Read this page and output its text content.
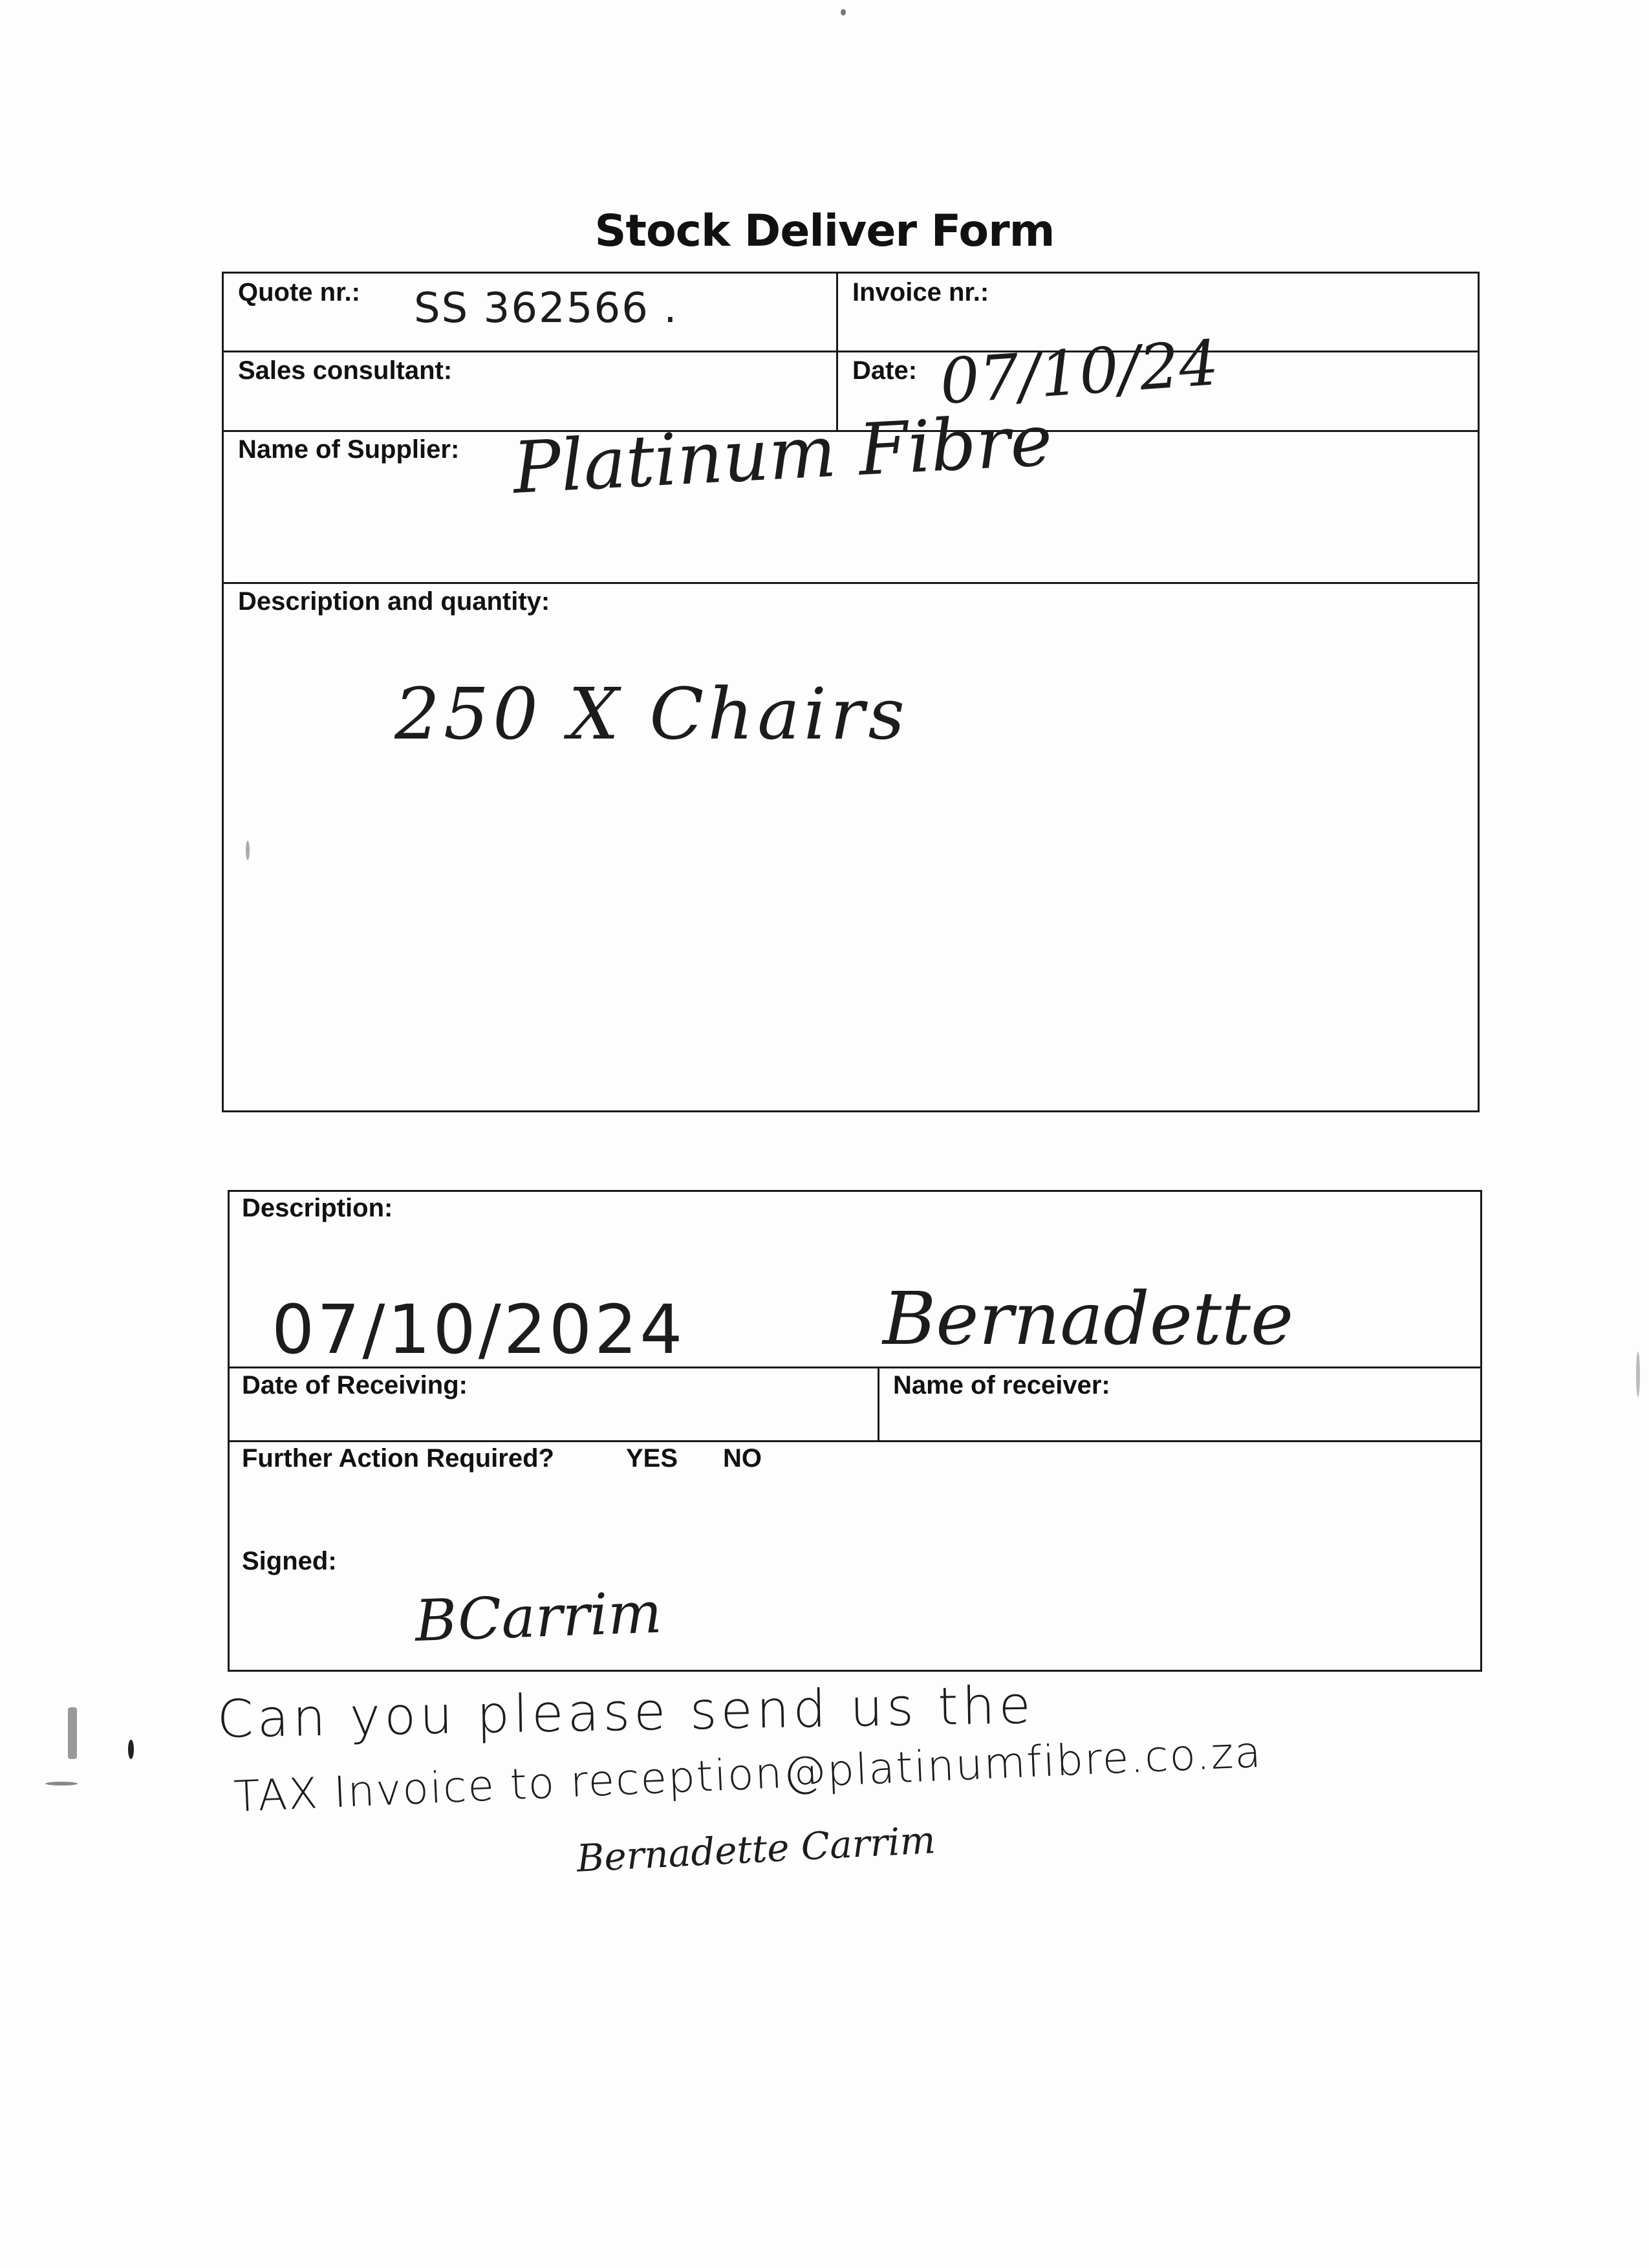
Stock Deliver Form
Quote nr.: SS 362566 .	Invoice nr.:
Sales consultant:	Date: 07/10/24
Name of Supplier: Platinum Fibre
Description and quantity:
250 X Chairs
Description:
07/10/2024	Bernadette
Date of Receiving:	Name of receiver:
Further Action Required?	YES NO
Signed:
BCarrim
Can you please send us the
TAX Invoice to reception@platinumfibre.co.za
Bernadette Carrim
